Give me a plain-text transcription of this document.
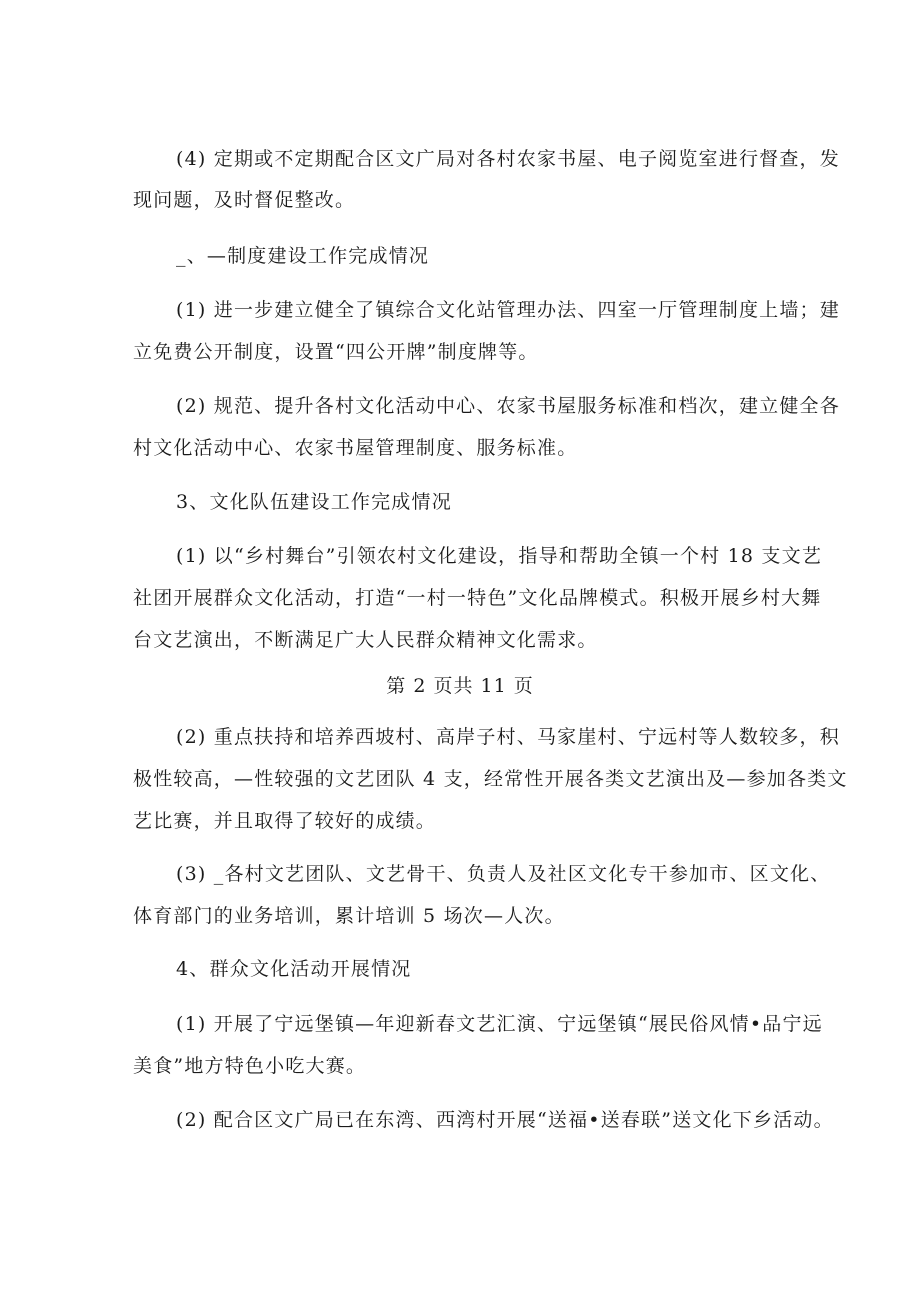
(4) 定期或不定期配合区文广局对各村农家书屋、电子阅览室进行督查，发
现问题，及时督促整改。
_、—制度建设工作完成情况
(1) 进一步建立健全了镇综合文化站管理办法、四室一厅管理制度上墙；建
立免费公开制度，设置“四公开牌”制度牌等。
(2) 规范、提升各村文化活动中心、农家书屋服务标准和档次，建立健全各
村文化活动中心、农家书屋管理制度、服务标准。
3、文化队伍建设工作完成情况
(1) 以“乡村舞台”引领农村文化建设，指导和帮助全镇一个村 18 支文艺
社团开展群众文化活动，打造“一村一特色”文化品牌模式。积极开展乡村大舞
台文艺演出，不断满足广大人民群众精神文化需求。
第 2 页共 11 页
(2) 重点扶持和培养西坡村、高岸子村、马家崖村、宁远村等人数较多，积
极性较高，—性较强的文艺团队 4 支，经常性开展各类文艺演出及—参加各类文
艺比赛，并且取得了较好的成绩。
(3) _各村文艺团队、文艺骨干、负责人及社区文化专干参加市、区文化、
体育部门的业务培训，累计培训 5 场次—人次。
4、群众文化活动开展情况
(1) 开展了宁远堡镇—年迎新春文艺汇演、宁远堡镇“展民俗风情•品宁远
美食”地方特色小吃大赛。
(2) 配合区文广局已在东湾、西湾村开展“送福•送春联”送文化下乡活动。
